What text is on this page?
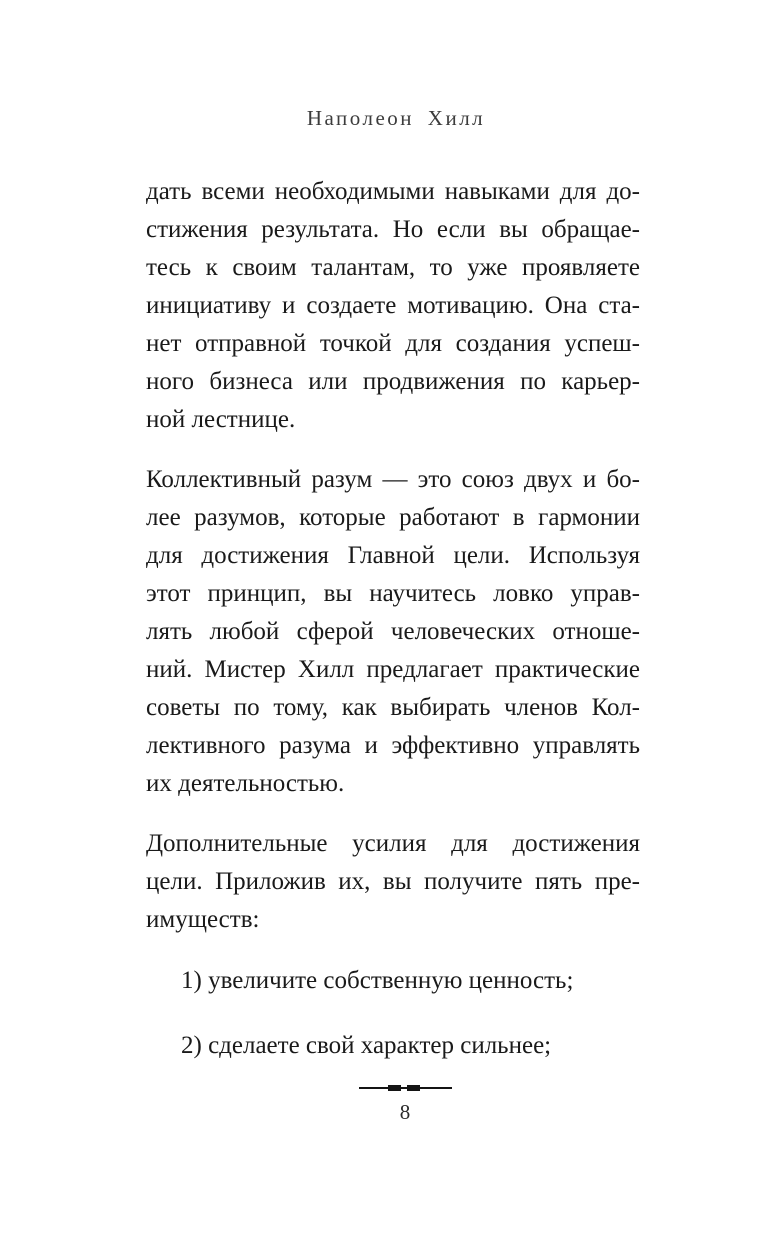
Наполеон Хилл
дать всеми необходимыми навыками для до-
стижения результата. Но если вы обращае-
тесь к своим талантам, то уже проявляете
инициативу и создаете мотивацию. Она ста-
нет отправной точкой для создания успеш-
ного бизнеса или продвижения по карьер-
ной лестнице.
Коллективный разум — это союз двух и бо-
лее разумов, которые работают в гармонии
для достижения Главной цели. Используя
этот принцип, вы научитесь ловко управ-
лять любой сферой человеческих отноше-
ний. Мистер Хилл предлагает практические
советы по тому, как выбирать членов Кол-
лективного разума и эффективно управлять
их деятельностью.
Дополнительные усилия для достижения
цели. Приложив их, вы получите пять пре-
имуществ:
1) увеличите собственную ценность;
2) сделаете свой характер сильнее;
8
